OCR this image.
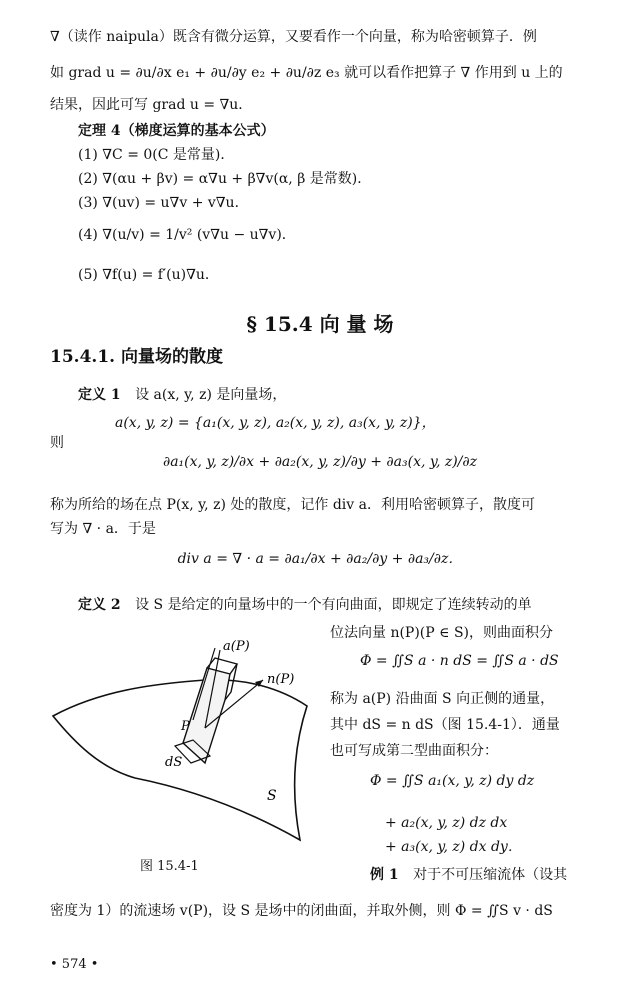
∇（读作 naipula）既含有微分运算，又要看作一个向量，称为哈密顿算子．例
如 grad u = ∂u/∂x e₁ + ∂u/∂y e₂ + ∂u/∂z e₃ 就可以看作把算子 ∇ 作用到 u 上的
结果，因此可写 grad u = ∇u．
定理 4（梯度运算的基本公式）
(1) ∇C = 0(C 是常量)．
(2) ∇(αu + βv) = α∇u + β∇v(α, β 是常数)．
(3) ∇(uv) = u∇v + v∇u．
(4) ∇(u/v) = 1/v² (v∇u − u∇v)．
(5) ∇f(u) = f′(u)∇u．
§ 15.4 向 量 场
15.4.1. 向量场的散度
定义 1 设 a(x, y, z) 是向量场，
a(x, y, z) = {a₁(x, y, z), a₂(x, y, z), a₃(x, y, z)}，
则
∂a₁(x, y, z)/∂x + ∂a₂(x, y, z)/∂y + ∂a₃(x, y, z)/∂z
称为所给的场在点 P(x, y, z) 处的散度，记作 div a．利用哈密顿算子，散度可
写为 ∇ · a．于是
div a = ∇ · a = ∂a₁/∂x + ∂a₂/∂y + ∂a₃/∂z．
定义 2 设 S 是给定的向量场中的一个有向曲面，即规定了连续转动的单
位法向量 n(P)(P ∈ S)，则曲面积分
Φ = ∬S a · n dS = ∬S a · dS
称为 a(P) 沿曲面 S 向正侧的通量，
其中 dS = n dS（图 15.4-1）．通量
也可写成第二型曲面积分：
Φ = ∬S a₁(x, y, z) dy dz
+ a₂(x, y, z) dz dx
+ a₃(x, y, z) dx dy．
a(P)
n(P)
P
dS
S
图 15.4-1
例 1 对于不可压缩流体（设其
密度为 1）的流速场 v(P)，设 S 是场中的闭曲面，并取外侧，则 Φ = ∬S v · dS
• 574 •
